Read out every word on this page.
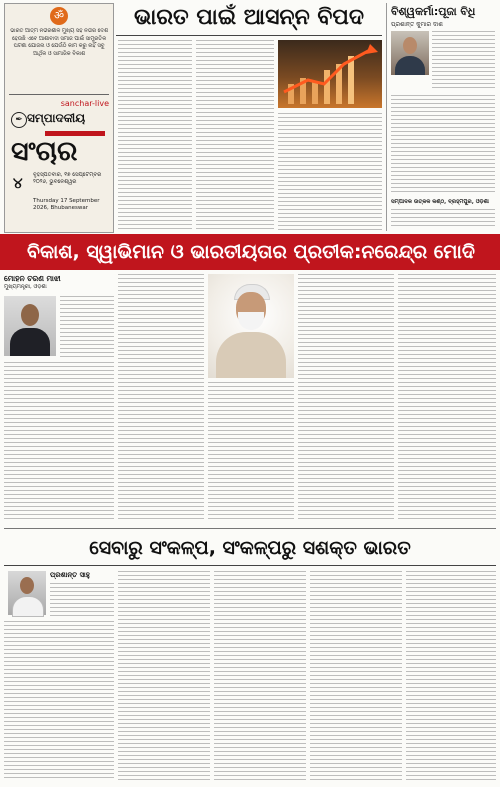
ॐ
ଭାରତ ଆତ୍ମ ନିର୍ଭରଶୀଳ ମୁଖ୍ୟ ସହ ନିର୍ଭର ଦେଶ ହେଉଛି ଏବେ ଆଶାବାଦୀ ସମାଜ ପାଇଁ ସାମ୍ପ୍ରତିକ ଘଟଣା ଯୋଜନା ଓ ଯେଉଁଠି କାମ କରୁ ନାହିଁ ସବୁ ଆର୍ଥିକ ଓ ସାମାଜିକ ବିକାଶ
sanchar-live
✒ ସମ୍ପାଦକୀୟ
ସଂଚାର
୪	ବୃହସ୍ପତିବାର, ୧୭ ସେପ୍ଟେମ୍ବର ୨୦୨୬, ଭୁବନେଶ୍ୱର
Thursday 17 September 2026, Bhubaneswar
ଭାରତ ପାଇଁ ଆସନ୍ନ ବିପଦ	ବିଶ୍ୱକର୍ମା:ପୂଜା ବିଧି
ପ୍ରଶାନ୍ତ କୁମାର ଦାଶ
ସମ୍ପାଦକ ଉତ୍କଳ କଣ୍ଠ, ବ୍ରହ୍ମପୁର, ଓଡ଼ିଶା
ବିକାଶ, ସ୍ୱାଭିମାନ ଓ ଭାରତୀୟତାର ପ୍ରତୀକ:ନରେନ୍ଦ୍ର ମୋଦି
ମୋହନ ଚରଣ ମାଝୀ
ମୁଖ୍ୟମନ୍ତ୍ରୀ, ଓଡ଼ିଶା
ସେବାରୁ ସଂକଳ୍ପ, ସଂକଳ୍ପରୁ ସଶକ୍ତ ଭାରତ
ପ୍ରଶାନ୍ତ ସାହୁ
